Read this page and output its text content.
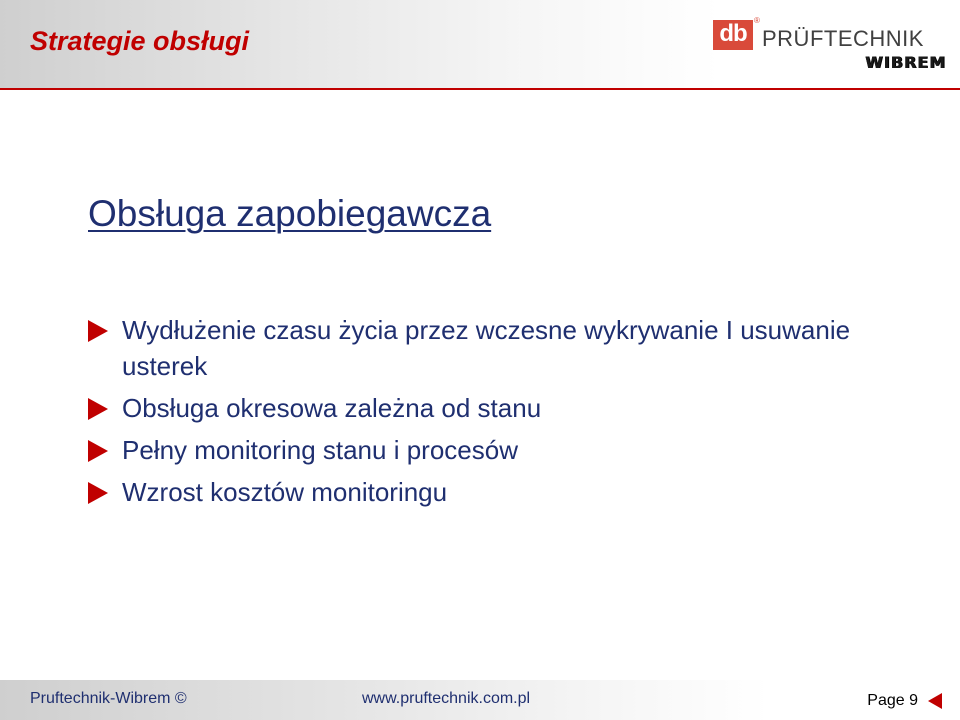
Strategie obsługi	db ®
PRÜFTECHNIK
WIBREM
Obsługa zapobiegawcza
Wydłużenie czasu życia przez wczesne wykrywanie I usuwanie usterek
Obsługa okresowa zależna od stanu
Pełny monitoring stanu i procesów
Wzrost kosztów monitoringu
Pruftechnik-Wibrem ©	www.pruftechnik.com.pl	Page 9
